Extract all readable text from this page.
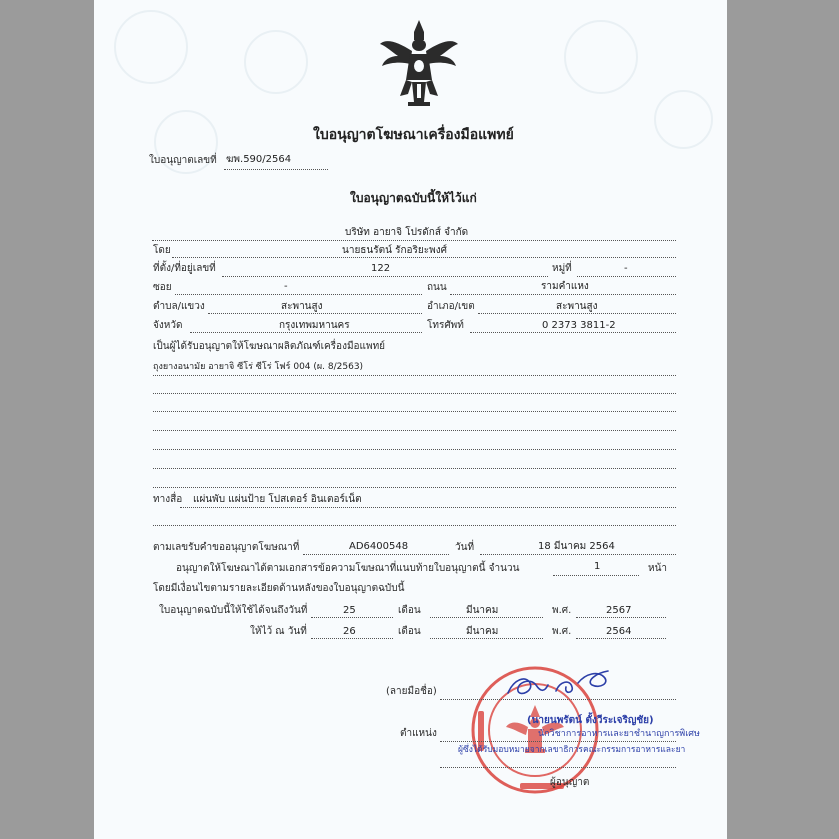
ใบอนุญาตโฆษณาเครื่องมือแพทย์
ใบอนุญาตเลขที่ ฆพ.590/2564
ใบอนุญาตฉบับนี้ให้ไว้แก่
บริษัท อายาจิ โปรดักส์ จำกัด
โดย	นายธนรัตน์ รักอริยะพงศ์
ที่ตั้ง/ที่อยู่เลขที่	122	หมู่ที่	-
ซอย	-	ถนน	รามคำแหง
ตำบล/แขวง	สะพานสูง	อำเภอ/เขต	สะพานสูง
จังหวัด	กรุงเทพมหานคร	โทรศัพท์	0 2373 3811-2
เป็นผู้ได้รับอนุญาตให้โฆษณาผลิตภัณฑ์เครื่องมือแพทย์
ถุงยางอนามัย อายาจิ ซีโร่ ซีโร่ โฟร์ 004 (ผ. 8/2563)
ทางสื่อ แผ่นพับ แผ่นป้าย โปสเตอร์ อินเตอร์เน็ต
ตามเลขรับคำขออนุญาตโฆษณาที่	AD6400548	วันที่	18 มีนาคม 2564
อนุญาตให้โฆษณาได้ตามเอกสารข้อความโฆษณาที่แนบท้ายใบอนุญาตนี้ จำนวน	1	หน้า
โดยมีเงื่อนไขตามรายละเอียดด้านหลังของใบอนุญาตฉบับนี้
ใบอนุญาตฉบับนี้ให้ใช้ได้จนถึงวันที่	25	เดือน	มีนาคม	พ.ศ.	2567
ให้ไว้ ณ วันที่	26	เดือน	มีนาคม	พ.ศ.	2564
(ลายมือชื่อ)
(นายนพรัตน์ ตั้งวีระเจริญชัย)
นักวิชาการอาหารและยาชำนาญการพิเศษ
ตำแหน่ง
ผู้ซึ่งได้รับมอบหมายจากเลขาธิการคณะกรรมการอาหารและยา
ผู้อนุญาต
